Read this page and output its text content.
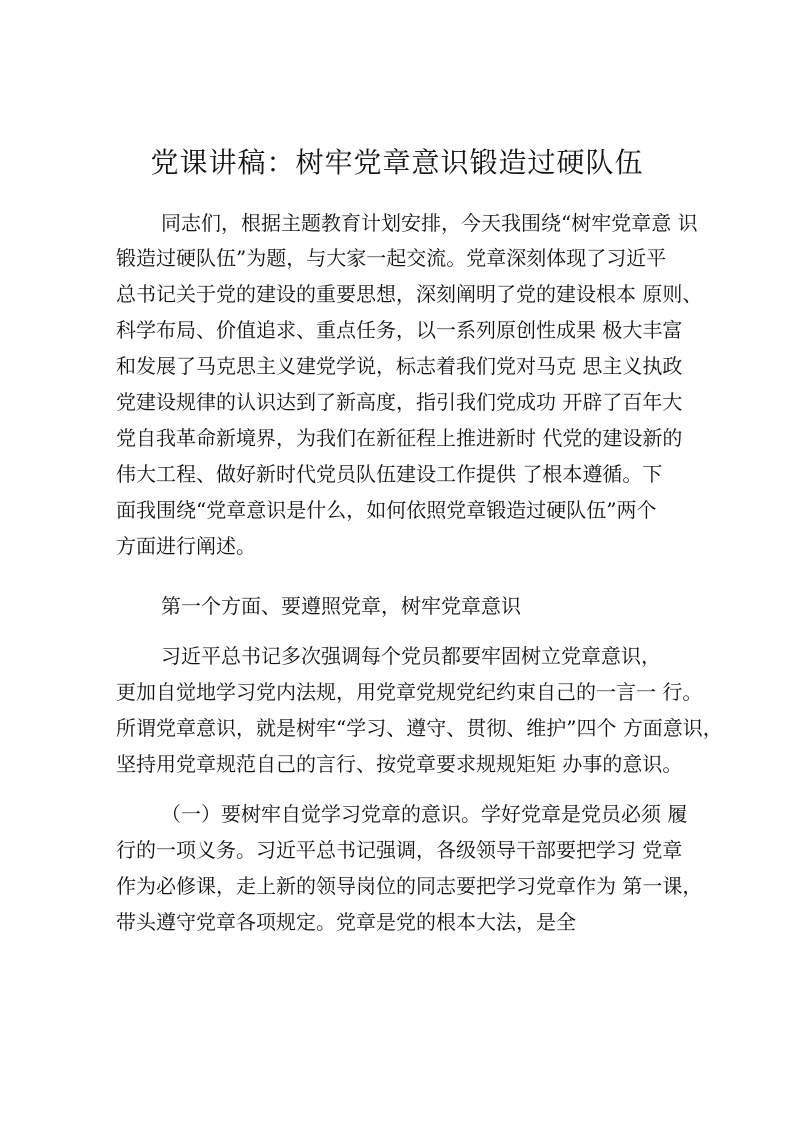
党课讲稿：树牢党章意识锻造过硬队伍
同志们，根据主题教育计划安排，今天我围绕“树牢党章意 识
锻造过硬队伍”为题，与大家一起交流。党章深刻体现了习近平
总书记关于党的建设的重要思想，深刻阐明了党的建设根本 原则、
科学布局、价值追求、重点任务，以一系列原创性成果 极大丰富
和发展了马克思主义建党学说，标志着我们党对马克 思主义执政
党建设规律的认识达到了新高度，指引我们党成功 开辟了百年大
党自我革命新境界，为我们在新征程上推进新时 代党的建设新的
伟大工程、做好新时代党员队伍建设工作提供 了根本遵循。下
面我围绕“党章意识是什么，如何依照党章锻造过硬队伍”两个
方面进行阐述。
第一个方面、要遵照党章，树牢党章意识
习近平总书记多次强调每个党员都要牢固树立党章意识，
更加自觉地学习党内法规，用党章党规党纪约束自己的一言一 行。
所谓党章意识，就是树牢“学习、遵守、贯彻、维护”四个 方面意识，
坚持用党章规范自己的言行、按党章要求规规矩矩 办事的意识。
（一）要树牢自觉学习党章的意识。学好党章是党员必须 履
行的一项义务。习近平总书记强调，各级领导干部要把学习 党章
作为必修课，走上新的领导岗位的同志要把学习党章作为 第一课，
带头遵守党章各项规定。党章是党的根本大法，是全
